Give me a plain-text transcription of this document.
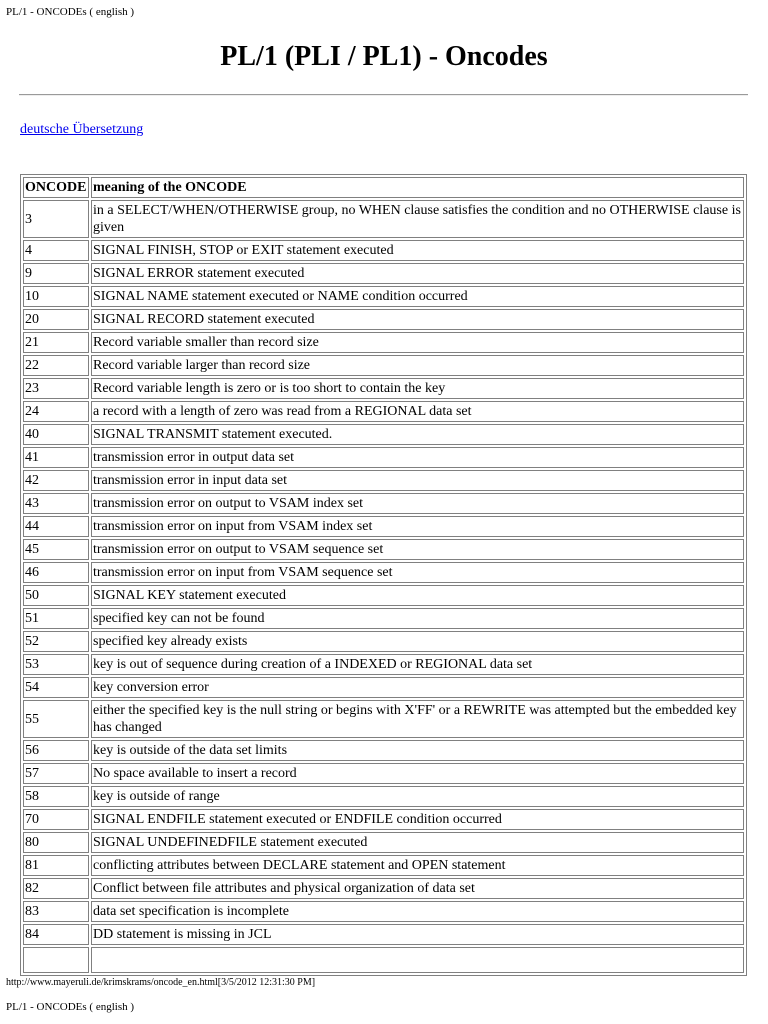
PL/1 - ONCODEs ( english )
PL/1 (PLI / PL1) - Oncodes
deutsche Übersetzung
ONCODE	meaning of the ONCODE
3	in a SELECT/WHEN/OTHERWISE group, no WHEN clause satisfies the condition and no OTHERWISE clause is given
4	SIGNAL FINISH, STOP or EXIT statement executed
9	SIGNAL ERROR statement executed
10	SIGNAL NAME statement executed or NAME condition occurred
20	SIGNAL RECORD statement executed
21	Record variable smaller than record size
22	Record variable larger than record size
23	Record variable length is zero or is too short to contain the key
24	a record with a length of zero was read from a REGIONAL data set
40	SIGNAL TRANSMIT statement executed.
41	transmission error in output data set
42	transmission error in input data set
43	transmission error on output to VSAM index set
44	transmission error on input from VSAM index set
45	transmission error on output to VSAM sequence set
46	transmission error on input from VSAM sequence set
50	SIGNAL KEY statement executed
51	specified key can not be found
52	specified key already exists
53	key is out of sequence during creation of a INDEXED or REGIONAL data set
54	key conversion error
55	either the specified key is the null string or begins with X'FF' or a REWRITE was attempted but the embedded key has changed
56	key is outside of the data set limits
57	No space available to insert a record
58	key is outside of range
70	SIGNAL ENDFILE statement executed or ENDFILE condition occurred
80	SIGNAL UNDEFINEDFILE statement executed
81	conflicting attributes between DECLARE statement and OPEN statement
82	Conflict between file attributes and physical organization of data set
83	data set specification is incomplete
84	DD statement is missing in JCL

http://www.mayeruli.de/krimskrams/oncode_en.html[3/5/2012 12:31:30 PM]
PL/1 - ONCODEs ( english )
